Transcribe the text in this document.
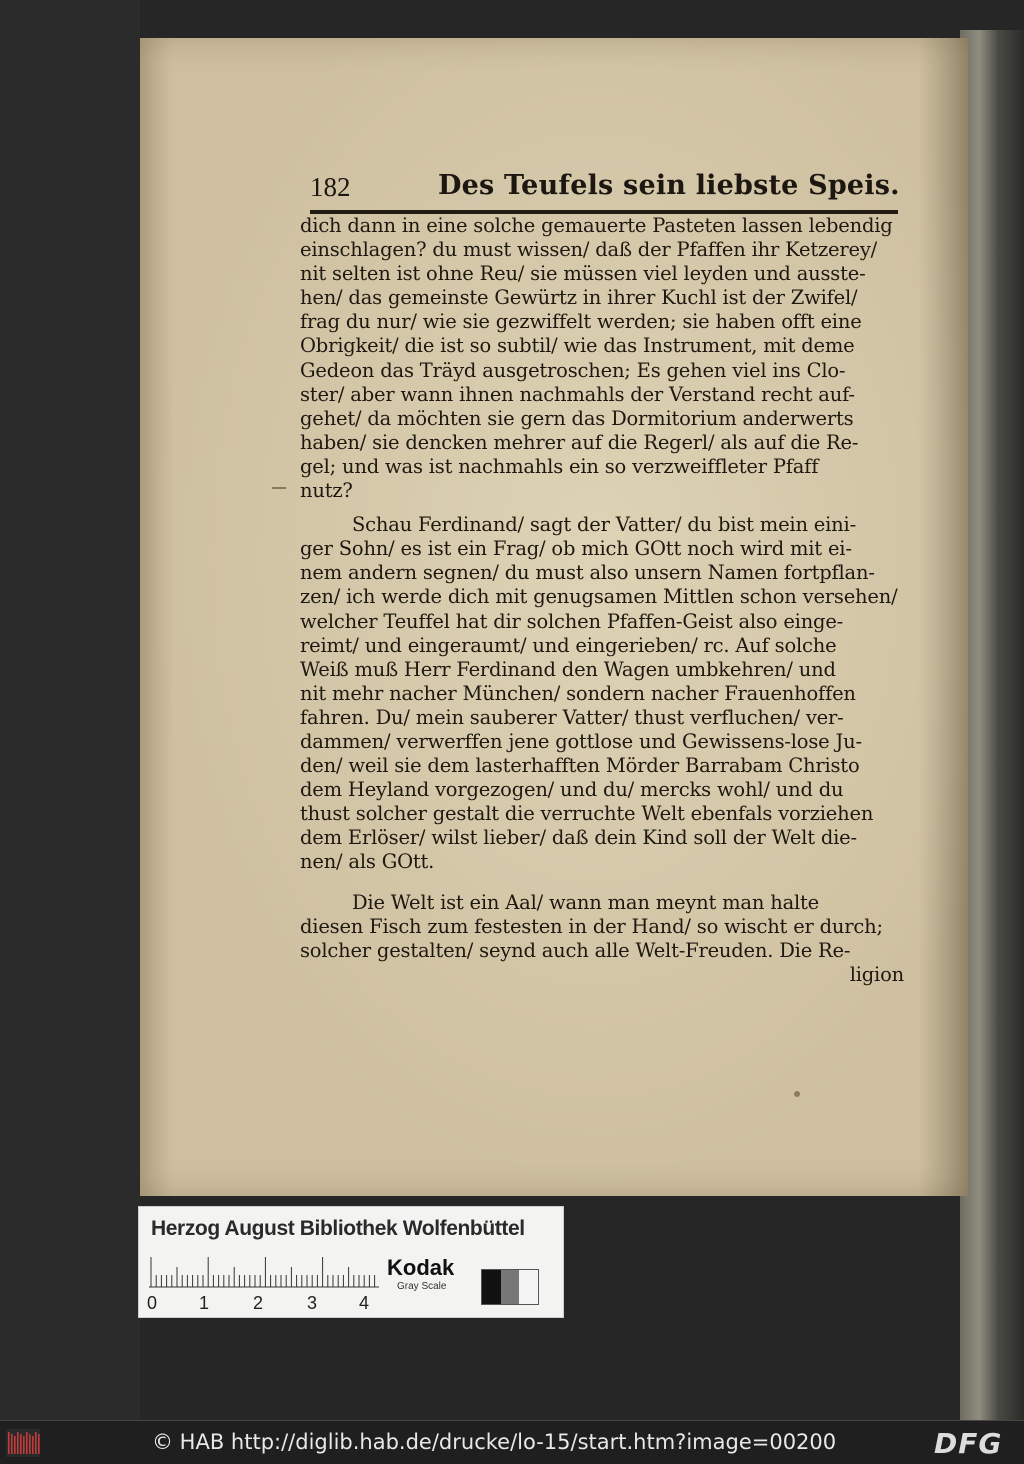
182	Des Teufels sein liebste Speis.
dich dann in eine solche gemauerte Pasteten lassen lebendig
einschlagen? du must wissen/ daß der Pfaffen ihr Ketzerey/
nit selten ist ohne Reu/ sie müssen viel leyden und ausste-
hen/ das gemeinste Gewürtz in ihrer Kuchl ist der Zwifel/
frag du nur/ wie sie gezwiffelt werden; sie haben offt eine
Obrigkeit/ die ist so subtil/ wie das Instrument, mit deme
Gedeon das Träyd ausgetroschen; Es gehen viel ins Clo-
ster/ aber wann ihnen nachmahls der Verstand recht auf-
gehet/ da möchten sie gern das Dormitorium anderwerts
haben/ sie dencken mehrer auf die Regerl/ als auf die Re-
gel; und was ist nachmahls ein so verzweiffleter Pfaff
nutz?
Schau Ferdinand/ sagt der Vatter/ du bist mein eini-
ger Sohn/ es ist ein Frag/ ob mich GOtt noch wird mit ei-
nem andern segnen/ du must also unsern Namen fortpflan-
zen/ ich werde dich mit genugsamen Mittlen schon versehen/
welcher Teuffel hat dir solchen Pfaffen-Geist also einge-
reimt/ und eingeraumt/ und eingerieben/ rc. Auf solche
Weiß muß Herr Ferdinand den Wagen umbkehren/ und
nit mehr nacher München/ sondern nacher Frauenhoffen
fahren. Du/ mein sauberer Vatter/ thust verfluchen/ ver-
dammen/ verwerffen jene gottlose und Gewissens-lose Ju-
den/ weil sie dem lasterhafften Mörder Barrabam Christo
dem Heyland vorgezogen/ und du/ mercks wohl/ und du
thust solcher gestalt die verruchte Welt ebenfals vorziehen
dem Erlöser/ wilst lieber/ daß dein Kind soll der Welt die-
nen/ als GOtt.
Die Welt ist ein Aal/ wann man meynt man halte
diesen Fisch zum festesten in der Hand/ so wischt er durch;
solcher gestalten/ seynd auch alle Welt-Freuden. Die Re-
ligion
Herzog August Bibliothek Wolfenbüttel
0 1 2 3 4
Kodak
Gray Scale
© HAB http://diglib.hab.de/drucke/lo-15/start.htm?image=00200	DFG
